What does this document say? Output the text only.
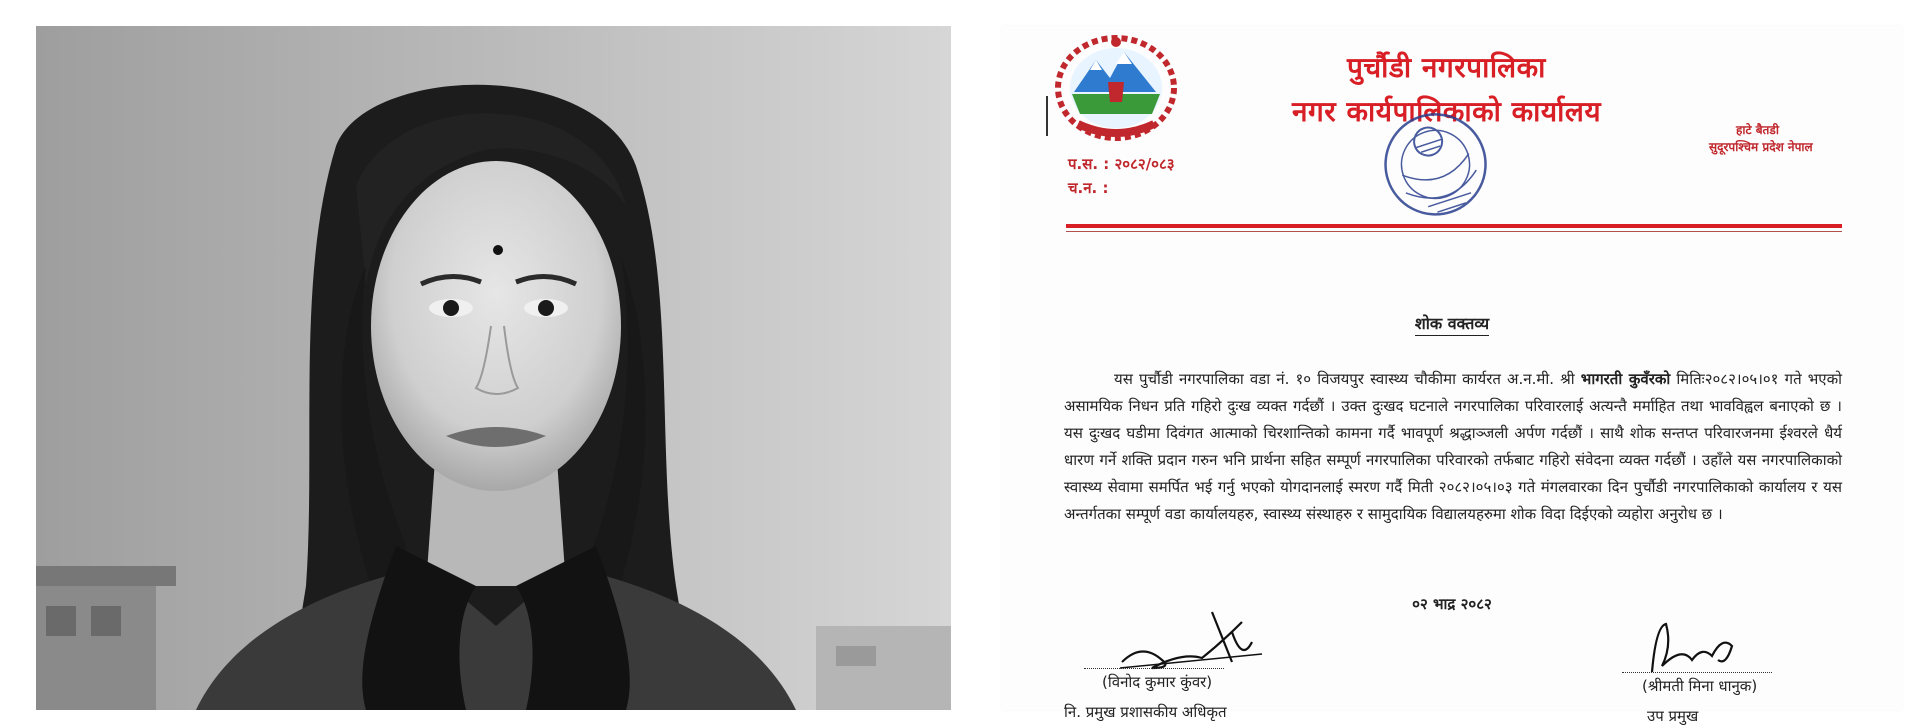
पुर्चौडी नगरपालिका
नगर कार्यपालिकाको कार्यालय
हाटे बैतडी
सुदूरपश्चिम प्रदेश नेपाल
प.स. : २०८२/०८३
च.न. :
शोक वक्तव्य
यस पुर्चौडी नगरपालिका वडा नं. १० विजयपुर स्वास्थ्य चौकीमा कार्यरत अ.न.मी. श्री भागरती कुवँरको मितिः२०८२।०५।०१ गते भएको असामयिक निधन प्रति गहिरो दुःख व्यक्त गर्दछौं । उक्त दुःखद घटनाले नगरपालिका परिवारलाई अत्यन्तै मर्माहित तथा भावविह्वल बनाएको छ । यस दुःखद घडीमा दिवंगत आत्माको चिरशान्तिको कामना गर्दै भावपूर्ण श्रद्धाञ्जली अर्पण गर्दछौं । साथै शोक सन्तप्त परिवारजनमा ईश्वरले धैर्य धारण गर्ने शक्ति प्रदान गरुन भनि प्रार्थना सहित सम्पूर्ण नगरपालिका परिवारको तर्फबाट गहिरो संवेदना व्यक्त गर्दछौं । उहाँले यस नगरपालिकाको स्वास्थ्य सेवामा समर्पित भई गर्नु भएको योगदानलाई स्मरण गर्दै मिती २०८२।०५।०३ गते मंगलवारका दिन पुर्चौडी नगरपालिकाको कार्यालय र यस अन्तर्गतका सम्पूर्ण वडा कार्यालयहरु, स्वास्थ्य संस्थाहरु र सामुदायिक विद्यालयहरुमा शोक विदा दिईएको व्यहोरा अनुरोध छ ।
०२ भाद्र २०८२
(विनोद कुमार कुंवर)
नि. प्रमुख प्रशासकीय अधिकृत
(श्रीमती मिना धानुक)
उप प्रमुख
